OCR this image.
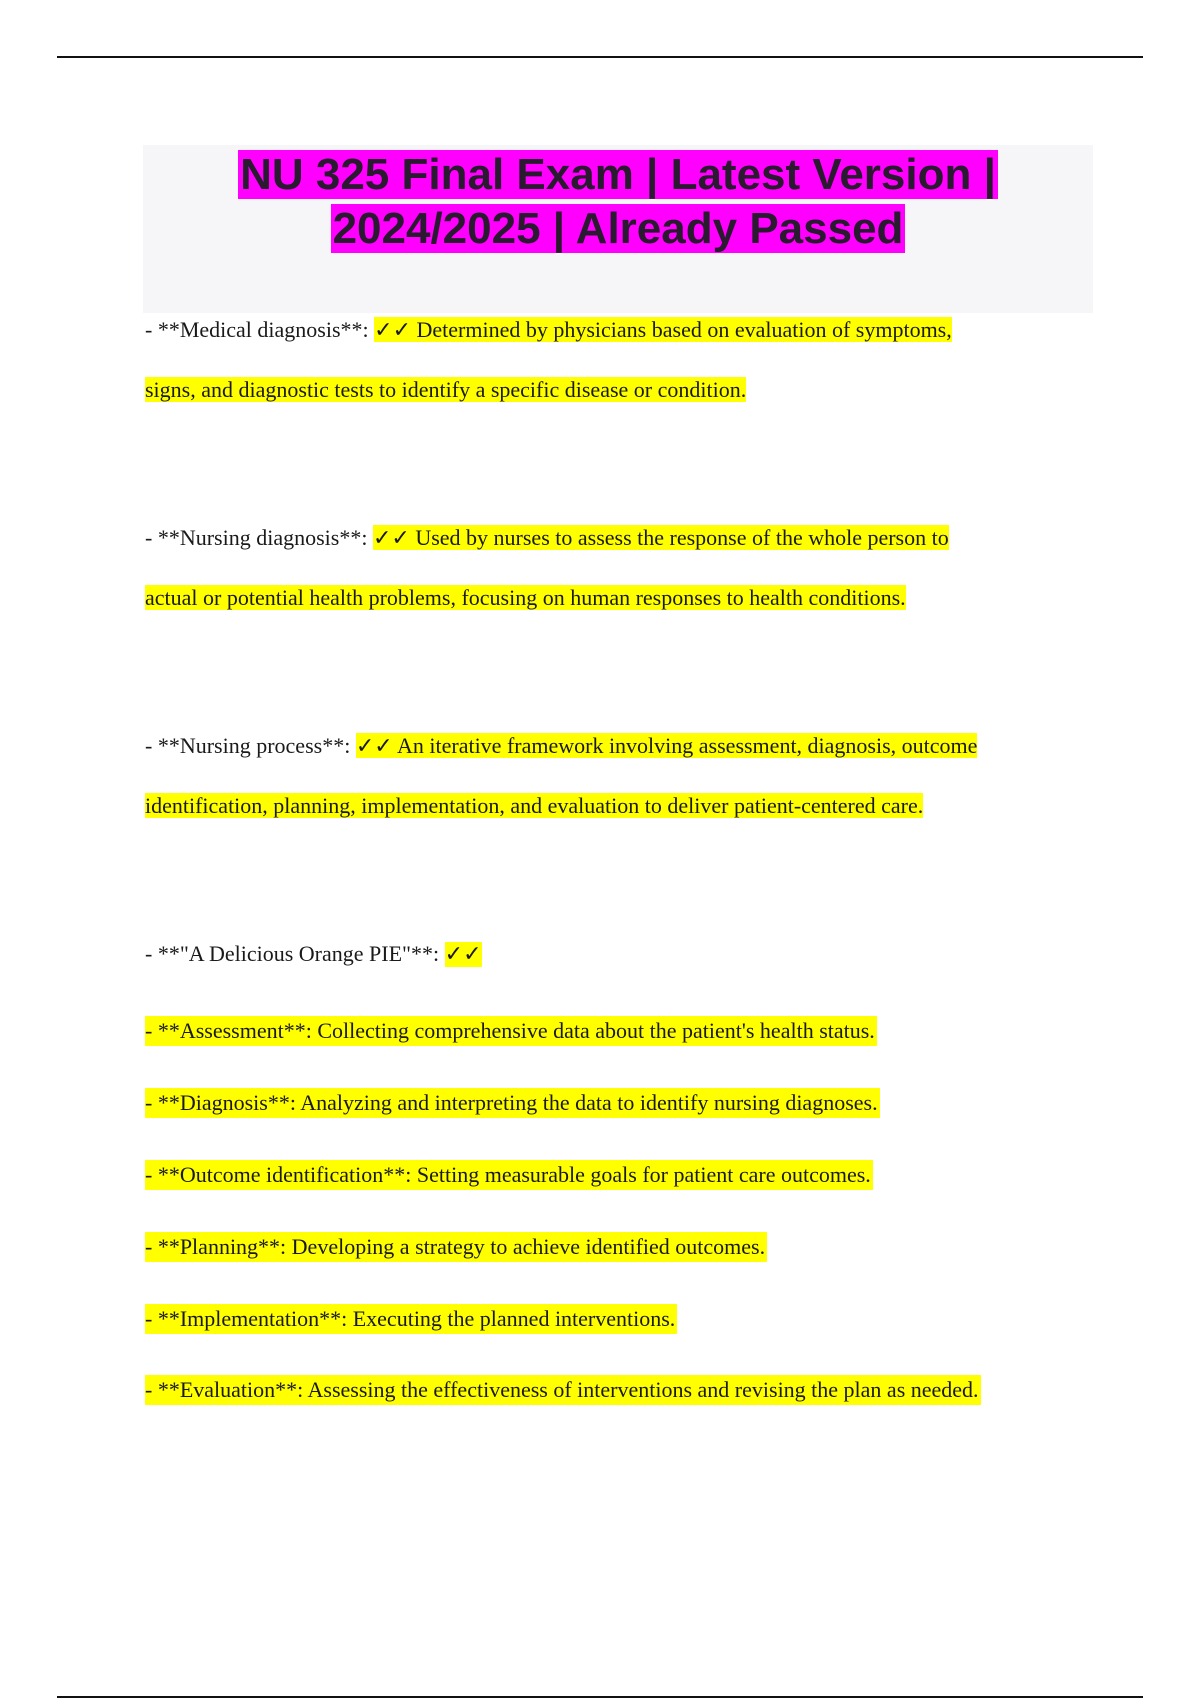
NU 325 Final Exam | Latest Version |
2024/2025 | Already Passed
- **Medical diagnosis**: ✓✓ Determined by physicians based on evaluation of symptoms,
signs, and diagnostic tests to identify a specific disease or condition.
- **Nursing diagnosis**: ✓✓ Used by nurses to assess the response of the whole person to
actual or potential health problems, focusing on human responses to health conditions.
- **Nursing process**: ✓✓ An iterative framework involving assessment, diagnosis, outcome
identification, planning, implementation, and evaluation to deliver patient-centered care.
- **"A Delicious Orange PIE"**: ✓✓
- **Assessment**: Collecting comprehensive data about the patient's health status.
- **Diagnosis**: Analyzing and interpreting the data to identify nursing diagnoses.
- **Outcome identification**: Setting measurable goals for patient care outcomes.
- **Planning**: Developing a strategy to achieve identified outcomes.
- **Implementation**: Executing the planned interventions.
- **Evaluation**: Assessing the effectiveness of interventions and revising the plan as needed.
